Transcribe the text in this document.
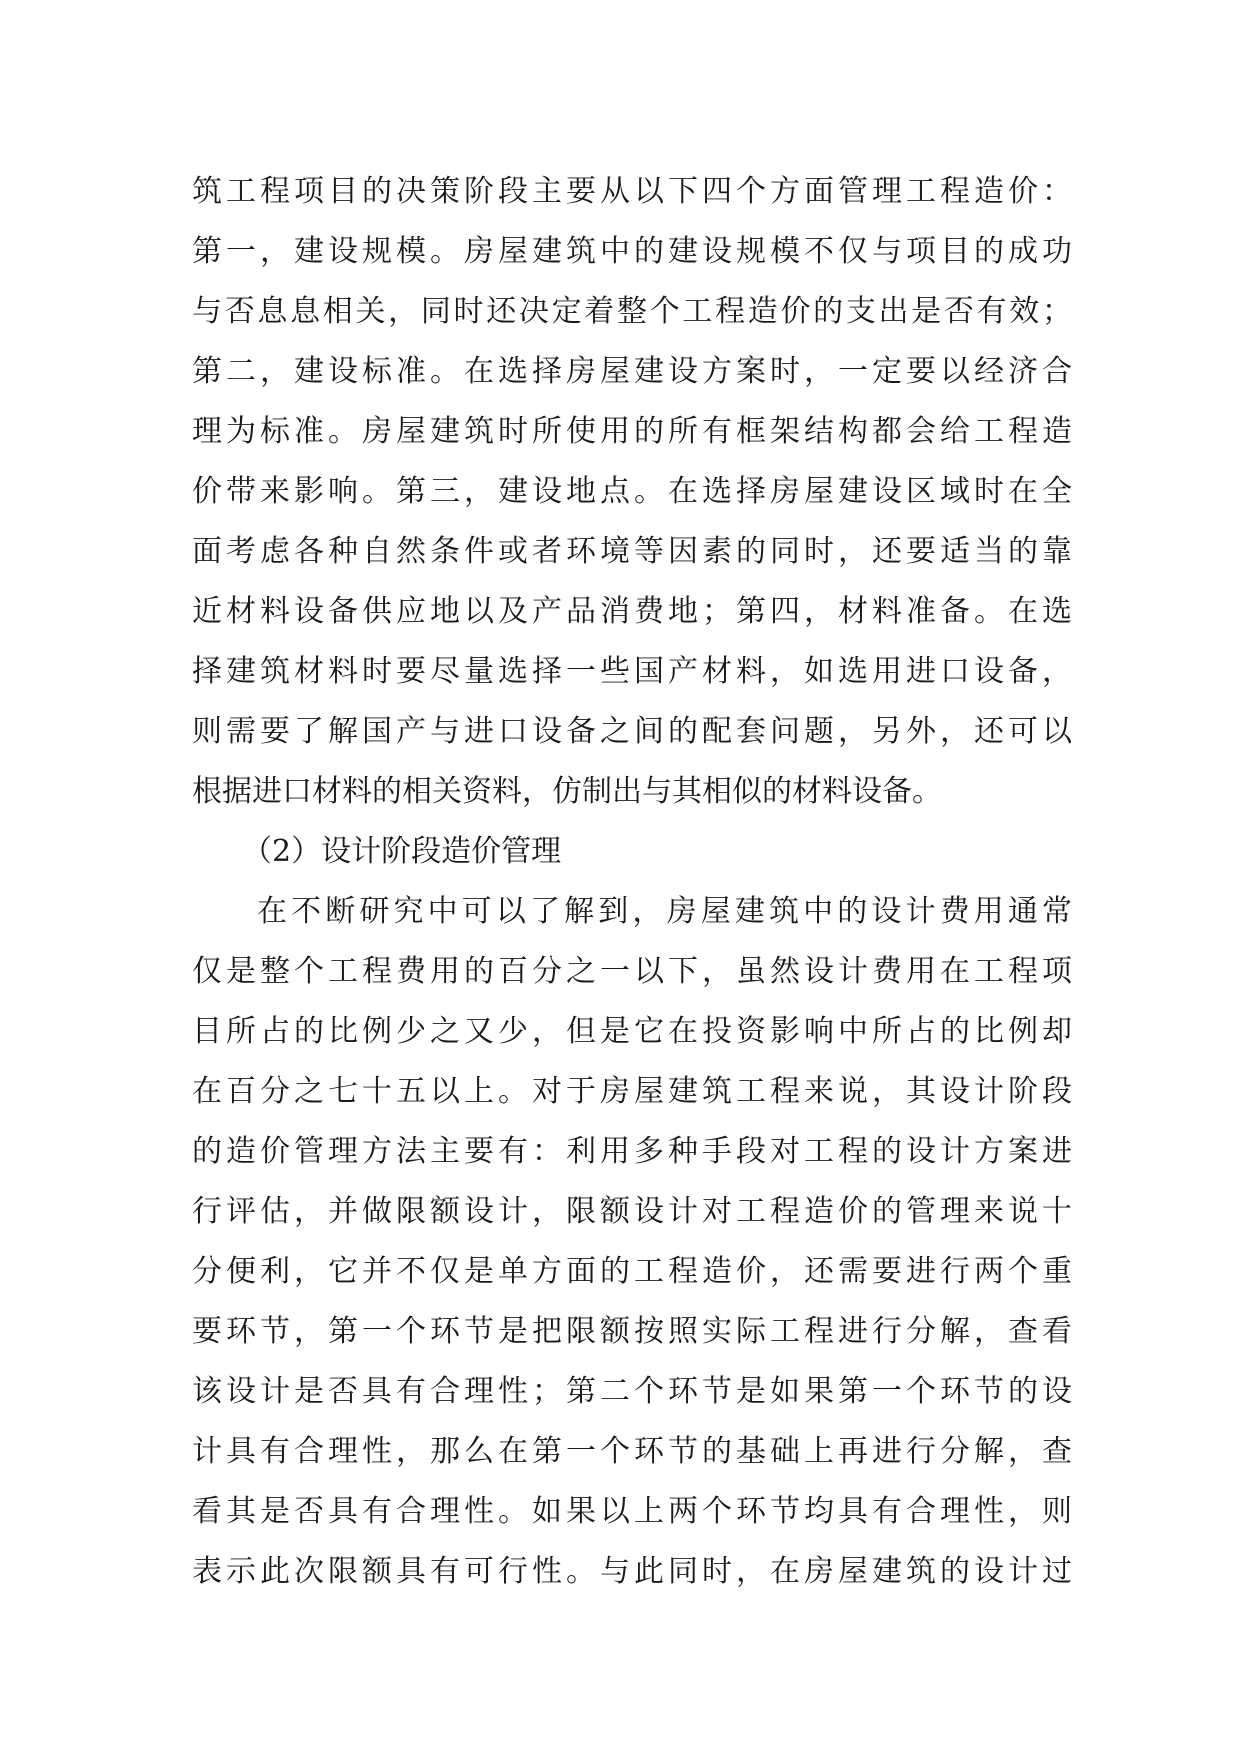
筑工程项目的决策阶段主要从以下四个方面管理工程造价：
第一，建设规模。房屋建筑中的建设规模不仅与项目的成功
与否息息相关，同时还决定着整个工程造价的支出是否有效；
第二，建设标准。在选择房屋建设方案时，一定要以经济合
理为标准。房屋建筑时所使用的所有框架结构都会给工程造
价带来影响。第三，建设地点。在选择房屋建设区域时在全
面考虑各种自然条件或者环境等因素的同时，还要适当的靠
近材料设备供应地以及产品消费地；第四，材料准备。在选
择建筑材料时要尽量选择一些国产材料，如选用进口设备，
则需要了解国产与进口设备之间的配套问题，另外，还可以
根据进口材料的相关资料，仿制出与其相似的材料设备。
（2）设计阶段造价管理
在不断研究中可以了解到，房屋建筑中的设计费用通常
仅是整个工程费用的百分之一以下，虽然设计费用在工程项
目所占的比例少之又少，但是它在投资影响中所占的比例却
在百分之七十五以上。对于房屋建筑工程来说，其设计阶段
的造价管理方法主要有：利用多种手段对工程的设计方案进
行评估，并做限额设计，限额设计对工程造价的管理来说十
分便利，它并不仅是单方面的工程造价，还需要进行两个重
要环节，第一个环节是把限额按照实际工程进行分解，查看
该设计是否具有合理性；第二个环节是如果第一个环节的设
计具有合理性，那么在第一个环节的基础上再进行分解，查
看其是否具有合理性。如果以上两个环节均具有合理性，则
表示此次限额具有可行性。与此同时，在房屋建筑的设计过
